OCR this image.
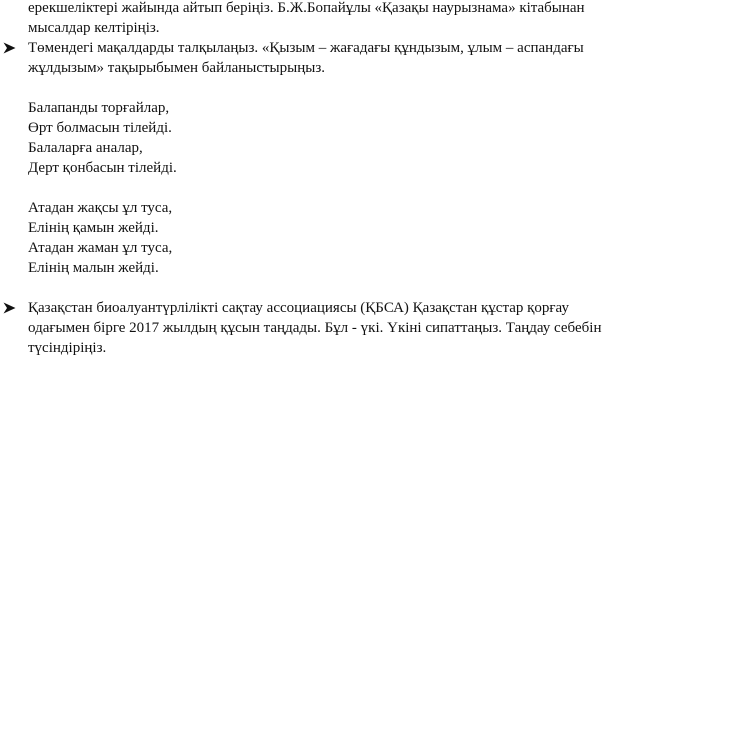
ерекшеліктері жайында айтып беріңіз. Б.Ж.Бопайұлы «Қазақы наурызнама» кітабынан
мысалдар келтіріңіз.
Төмендегі мақалдарды талқылаңыз. «Қызым – жағадағы құндызым, ұлым – аспандағы
жұлдызым» тақырыбымен байланыстырыңыз.
Балапанды торғайлар,
Өрт болмасын тілейді.
Балаларға аналар,
Дерт қонбасын тілейді.
Атадан жақсы ұл туса,
Елінің қамын жейді.
Атадан жаман ұл туса,
Елінің малын жейді.
Қазақстан биоалуантүрлілікті сақтау ассоциациясы (ҚБСА) Қазақстан құстар қорғау
одағымен бірге 2017 жылдың құсын таңдады. Бұл - үкі. Үкіні сипаттаңыз. Таңдау себебін
түсіндіріңіз.
